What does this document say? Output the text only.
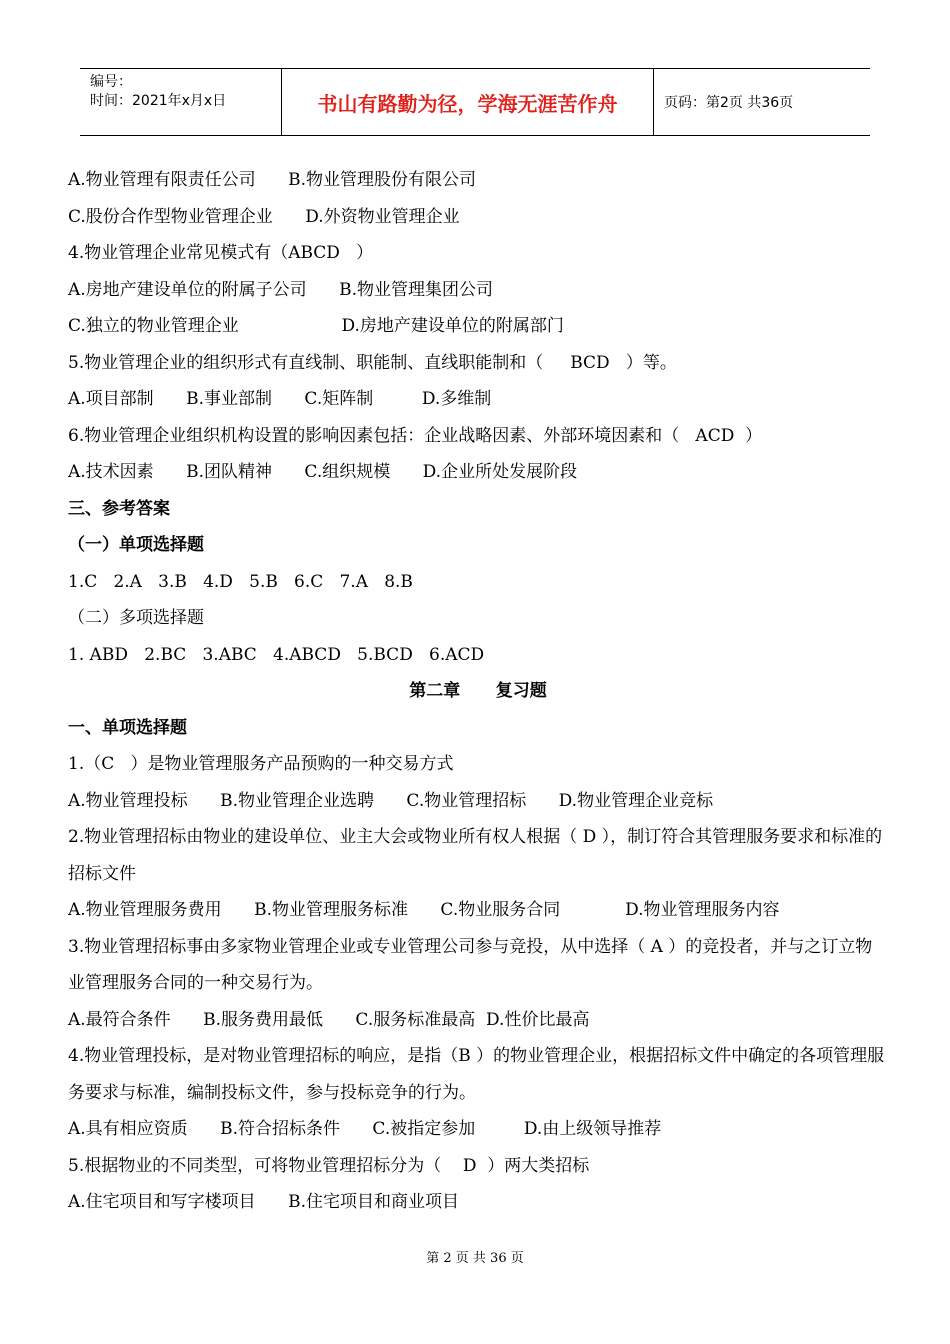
编号：
时间：2021年x月x日	书山有路勤为径，学海无涯苦作舟	页码：第2页 共36页
A.物业管理有限责任公司      B.物业管理股份有限公司
C.股份合作型物业管理企业      D.外资物业管理企业
4.物业管理企业常见模式有（ABCD   ）
A.房地产建设单位的附属子公司      B.物业管理集团公司
C.独立的物业管理企业                   D.房地产建设单位的附属部门
5.物业管理企业的组织形式有直线制、职能制、直线职能制和（     BCD   ）等。
A.项目部制      B.事业部制      C.矩阵制         D.多维制
6.物业管理企业组织机构设置的影响因素包括：企业战略因素、外部环境因素和（   ACD  ）
A.技术因素      B.团队精神      C.组织规模      D.企业所处发展阶段
三、参考答案
（一）单项选择题
1.C   2.A   3.B   4.D   5.B   6.C   7.A   8.B
（二）多项选择题
1. ABD   2.BC   3.ABC   4.ABCD   5.BCD   6.ACD
第二章      复习题
一、单项选择题
1.（C   ）是物业管理服务产品预购的一种交易方式
A.物业管理投标      B.物业管理企业选聘      C.物业管理招标      D.物业管理企业竞标
2.物业管理招标由物业的建设单位、业主大会或物业所有权人根据（ D ），制订符合其管理服务要求和标准的招标文件
A.物业管理服务费用      B.物业管理服务标准      C.物业服务合同            D.物业管理服务内容
3.物业管理招标事由多家物业管理企业或专业管理公司参与竞投，从中选择（ A ）的竞投者，并与之订立物业管理服务合同的一种交易行为。
A.最符合条件      B.服务费用最低      C.服务标准最高  D.性价比最高
4.物业管理投标，是对物业管理招标的响应，是指（B ）的物业管理企业，根据招标文件中确定的各项管理服务要求与标准，编制投标文件，参与投标竞争的行为。
A.具有相应资质      B.符合招标条件      C.被指定参加         D.由上级领导推荐
5.根据物业的不同类型，可将物业管理招标分为（    D  ）两大类招标
A.住宅项目和写字楼项目      B.住宅项目和商业项目
第 2 页 共 36 页
